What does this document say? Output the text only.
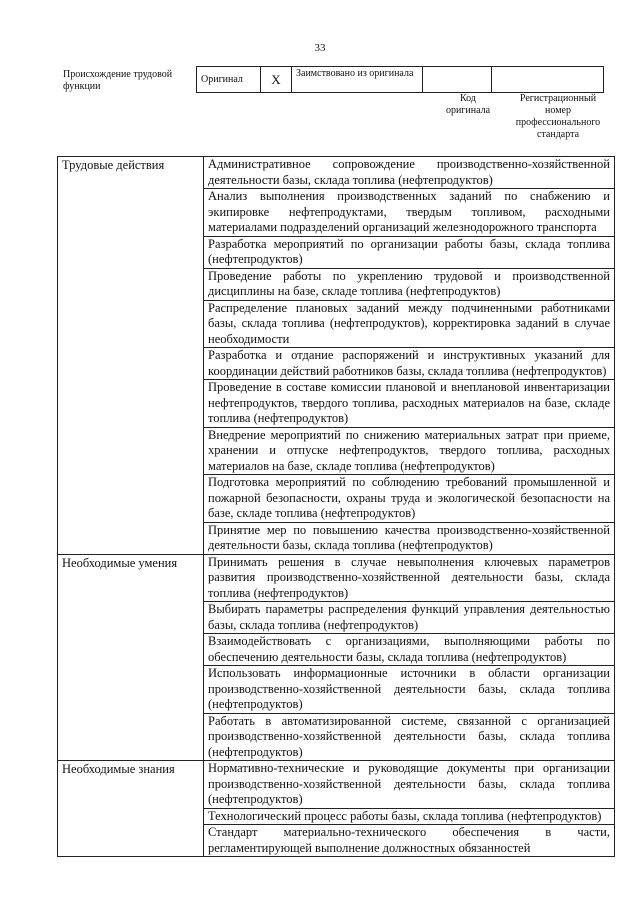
33
Происхождение трудовой функции
Оригинал	X	Заимствовано из оригинала		
Код оригинала
Регистрационный номер профессионального стандарта
Трудовые действия	Административное сопровождение производственно-хозяйственной деятельности базы, склада топлива (нефтепродуктов)
	Анализ выполнения производственных заданий по снабжению и экипировке нефтепродуктами, твердым топливом, расходными материалами подразделений организаций железнодорожного транспорта
	Разработка мероприятий по организации работы базы, склада топлива (нефтепродуктов)
	Проведение работы по укреплению трудовой и производственной дисциплины на базе, складе топлива (нефтепродуктов)
	Распределение плановых заданий между подчиненными работниками базы, склада топлива (нефтепродуктов), корректировка заданий в случае необходимости
	Разработка и отдание распоряжений и инструктивных указаний для координации действий работников базы, склада топлива (нефтепродуктов)
	Проведение в составе комиссии плановой и внеплановой инвентаризации нефтепродуктов, твердого топлива, расходных материалов на базе, складе топлива (нефтепродуктов)
	Внедрение мероприятий по снижению материальных затрат при приеме, хранении и отпуске нефтепродуктов, твердого топлива, расходных материалов на базе, складе топлива (нефтепродуктов)
	Подготовка мероприятий по соблюдению требований промышленной и пожарной безопасности, охраны труда и экологической безопасности на базе, складе топлива (нефтепродуктов)
	Принятие мер по повышению качества производственно-хозяйственной деятельности базы, склада топлива (нефтепродуктов)
Необходимые умения	Принимать решения в случае невыполнения ключевых параметров развития производственно-хозяйственной деятельности базы, склада топлива (нефтепродуктов)
	Выбирать параметры распределения функций управления деятельностью базы, склада топлива (нефтепродуктов)
	Взаимодействовать с организациями, выполняющими работы по обеспечению деятельности базы, склада топлива (нефтепродуктов)
	Использовать информационные источники в области организации производственно-хозяйственной деятельности базы, склада топлива (нефтепродуктов)
	Работать в автоматизированной системе, связанной с организацией производственно-хозяйственной деятельности базы, склада топлива (нефтепродуктов)
Необходимые знания	Нормативно-технические и руководящие документы при организации производственно-хозяйственной деятельности базы, склада топлива (нефтепродуктов)
	Технологический процесс работы базы, склада топлива (нефтепродуктов)
	Стандарт материально-технического обеспечения в части, регламентирующей выполнение должностных обязанностей
